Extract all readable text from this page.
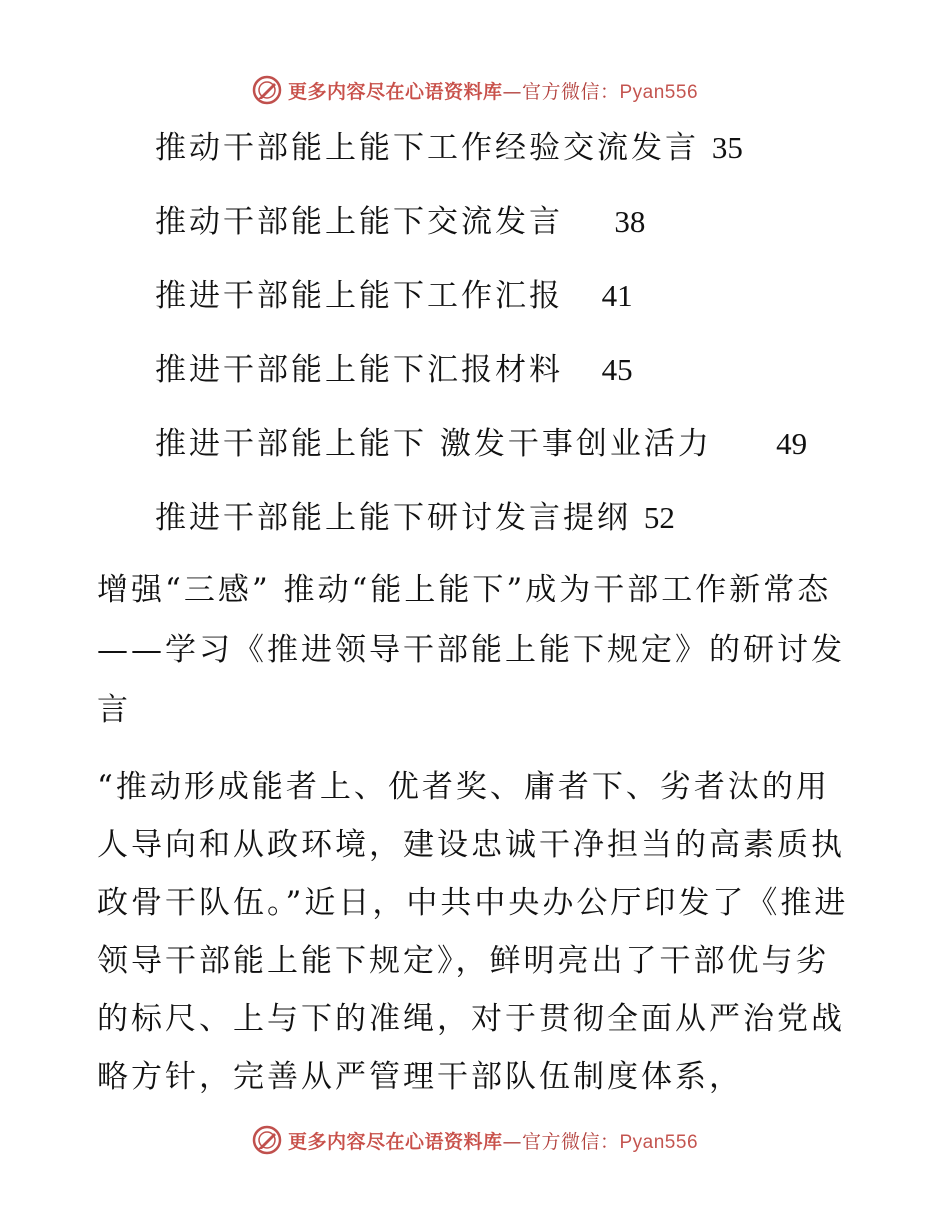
更多内容尽在心语资料库—官方微信：Pyan556
推动干部能上能下工作经验交流发言 35
推动干部能上能下交流发言    38
推进干部能上能下工作汇报   41
推进干部能上能下汇报材料   45
推进干部能上能下 激发干事创业活力     49
推进干部能上能下研讨发言提纲 52

增强“三感” 推动“能上能下”成为干部工作新常态——学习《推进领导干部能上能下规定》的研讨发言

“推动形成能者上、优者奖、庸者下、劣者汰的用人导向和从政环境，建设忠诚干净担当的高素质执政骨干队伍。”近日，中共中央办公厅印发了《推进领导干部能上能下规定》，鲜明亮出了干部优与劣的标尺、上与下的准绳，对于贯彻全面从严治党战略方针，完善从严管理干部队伍制度体系，

更多内容尽在心语资料库—官方微信：Pyan556
